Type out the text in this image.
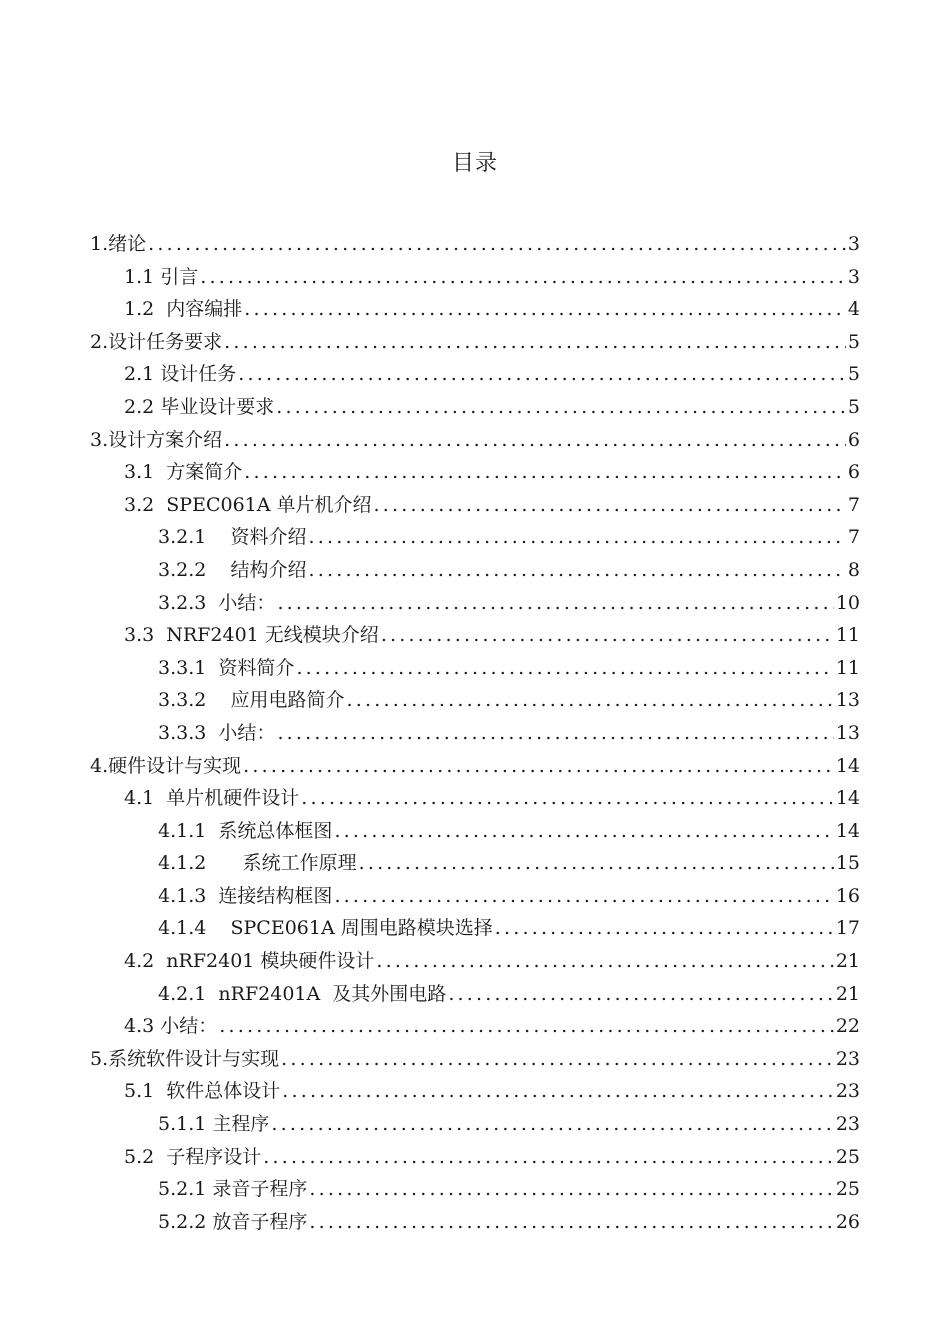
目录
1.绪论 .....	3
1.1 引言 .....	3
1.2  内容编排 .....	4
2.设计任务要求 .....	5
2.1 设计任务 .....	5
2.2 毕业设计要求 .....	5
3.设计方案介绍 .....	6
3.1  方案简介 .....	6
3.2  SPEC061A 单片机介绍 .....	7
3.2.1    资料介绍 .....	7
3.2.2    结构介绍 .....	8
3.2.3  小结： .....	10
3.3  NRF2401 无线模块介绍 .....	11
3.3.1  资料简介 .....	11
3.3.2    应用电路简介 .....	13
3.3.3  小结： .....	13
4.硬件设计与实现 .....	14
4.1  单片机硬件设计 .....	14
4.1.1  系统总体框图 .....	14
4.1.2      系统工作原理 .....	15
4.1.3  连接结构框图 .....	16
4.1.4    SPCE061A 周围电路模块选择 .....	17
4.2  nRF2401 模块硬件设计 .....	21
4.2.1  nRF2401A  及其外围电路 .....	21
4.3 小结： .....	22
5.系统软件设计与实现 .....	23
5.1  软件总体设计 .....	23
5.1.1 主程序 .....	23
5.2  子程序设计 .....	25
5.2.1 录音子程序 .....	25
5.2.2 放音子程序 .....	26
